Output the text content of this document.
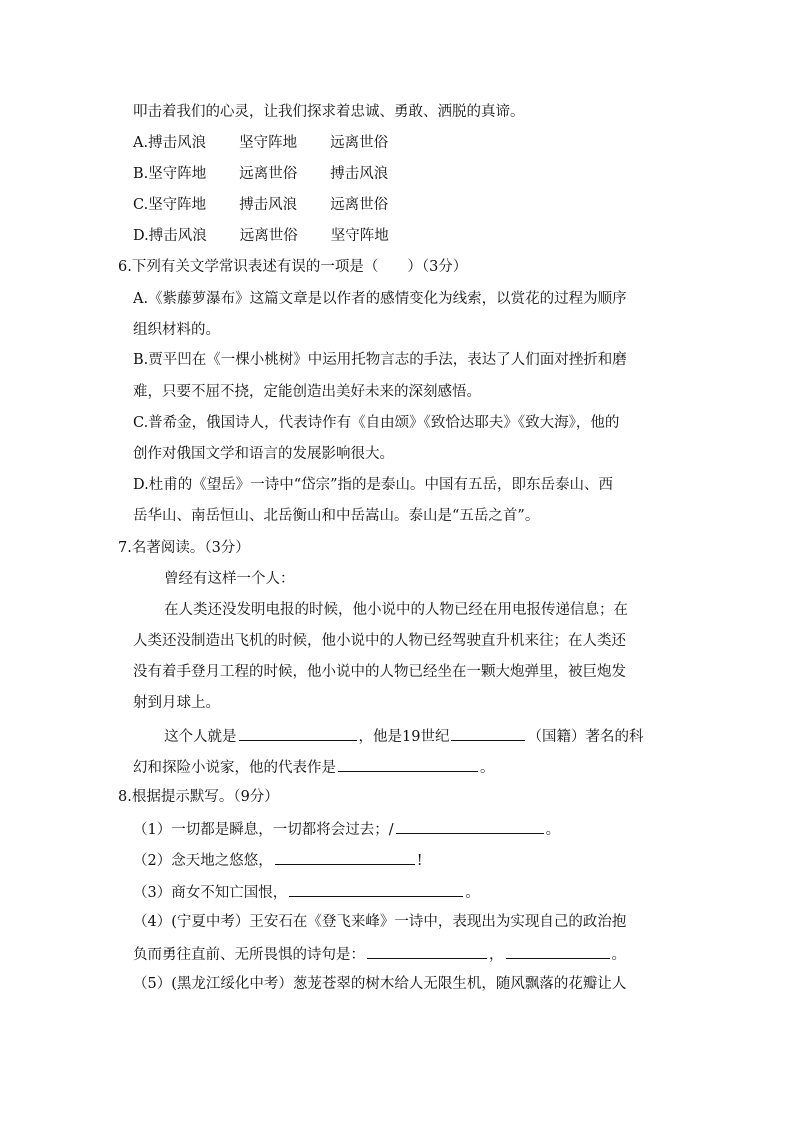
叩击着我们的心灵，让我们探求着忠诚、勇敢、洒脱的真谛。
A.搏击风浪 坚守阵地 远离世俗
B.坚守阵地 远离世俗 搏击风浪
C.坚守阵地 搏击风浪 远离世俗
D.搏击风浪 远离世俗 坚守阵地
6.下列有关文学常识表述有误的一项是（　　）（3分）
A.《紫藤萝瀑布》这篇文章是以作者的感情变化为线索，以赏花的过程为顺序
组织材料的。
B.贾平凹在《一棵小桃树》中运用托物言志的手法，表达了人们面对挫折和磨
难，只要不屈不挠，定能创造出美好未来的深刻感悟。
C.普希金，俄国诗人，代表诗作有《自由颂》《致恰达耶夫》《致大海》，他的
创作对俄国文学和语言的发展影响很大。
D.杜甫的《望岳》一诗中“岱宗”指的是泰山。中国有五岳，即东岳泰山、西
岳华山、南岳恒山、北岳衡山和中岳嵩山。泰山是“五岳之首”。
7.名著阅读。（3分）
曾经有这样一个人：
在人类还没发明电报的时候，他小说中的人物已经在用电报传递信息；在
人类还没制造出飞机的时候，他小说中的人物已经驾驶直升机来往；在人类还
没有着手登月工程的时候，他小说中的人物已经坐在一颗大炮弹里，被巨炮发
射到月球上。
这个人就是	，他是19世纪	（国籍）著名的科
幻和探险小说家，他的代表作是	。
8.根据提示默写。（9分）
（1）一切都是瞬息，一切都将会过去；/	。
（2）念天地之悠悠，	!
（3）商女不知亡国恨，	。
（4）(宁夏中考）王安石在《登飞来峰》一诗中，表现出为实现自己的政治抱
负而勇往直前、无所畏惧的诗句是：	，	。
（5）(黑龙江绥化中考）葱茏苍翠的树木给人无限生机，随风飘落的花瓣让人
